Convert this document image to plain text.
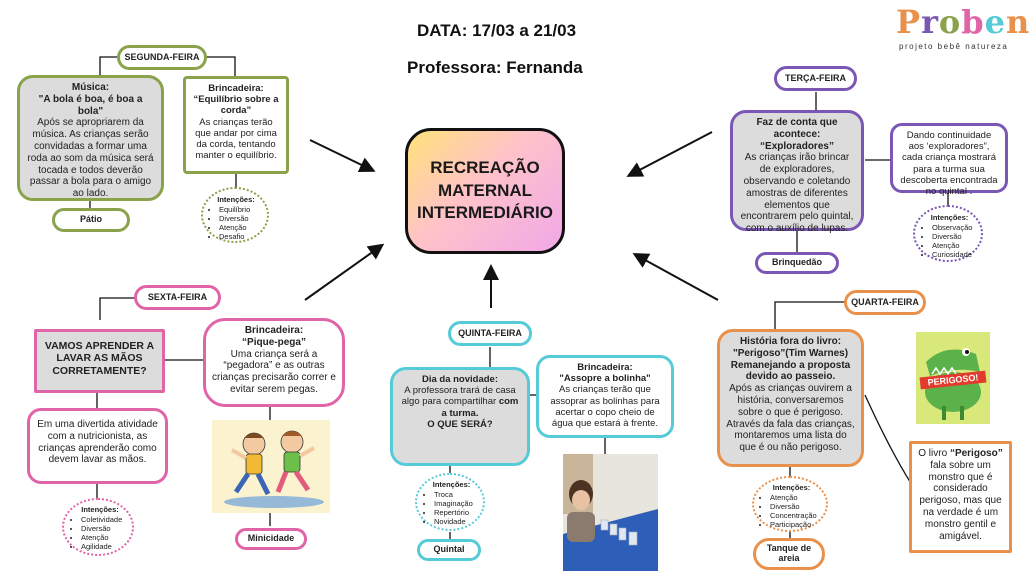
DATA: 17/03 a 21/03
Professora: Fernanda
Proben
projeto bebê natureza
RECREAÇÃO MATERNAL INTERMEDIÁRIO
SEGUNDA-FEIRA
Música:
"A bola é boa, é boa a bola"
Após se apropriarem da música. As crianças serão convidadas a formar uma roda ao som da música será tocada e todos deverão passar a bola para o amigo ao lado.
Brincadeira:
“Equilíbrio sobre a corda”
As crianças terão que andar por cima da corda, tentando manter o equilíbrio.
Pátio
Intenções:
• Equilíbrio
• Diversão
• Atenção
• Desafio
TERÇA-FEIRA
Faz de conta que acontece:
“Exploradores”
As crianças irão brincar de exploradores, observando e coletando amostras de diferentes elementos que encontrarem pelo quintal, com o auxílio de lupas.
Dando continuidade aos ‘exploradores”, cada criança mostrará para a turma sua descoberta encontrada no quintal .
Brinquedão
Intenções:
• Observação
• Diversão
• Atenção
• Curiosidade
QUARTA-FEIRA
História fora do livro:
"Perigoso"(Tim Warnes)
Remanejando a proposta devido ao passeio.
Após as crianças ouvirem a história, conversaremos sobre o que é perigoso. Através da fala das crianças, montaremos uma lista do que é ou não perigoso.
O livro “Perigoso” fala sobre um monstro que é considerado perigoso, mas que na verdade é um monstro gentil e amigável.
Tanque de areia
Intenções:
• Atenção
• Diversão
• Concentração
• Participação
PERIGOSO!
QUINTA-FEIRA
Dia da novidade:
A professora trará de casa algo para compartilhar com a turma.
O QUE SERÁ?
Brincadeira:
"Assopre a bolinha"
As crianças terão que assoprar as bolinhas para acertar o copo cheio de água que estará à frente.
Intenções:
• Troca
• Imaginação
• Repertório
• Novidade
Quintal
SEXTA-FEIRA
VAMOS APRENDER A LAVAR AS MÃOS CORRETAMENTE?
Em uma divertida atividade com a nutricionista, as crianças aprenderão como devem lavar as mãos.
Brincadeira:
“Pique-pega”
Uma criança será a “pegadora” e as outras crianças precisarão correr e evitar serem pegas.
Intenções:
• Coletividade
• Diversão
• Atenção
• Agilidade
Minicidade
